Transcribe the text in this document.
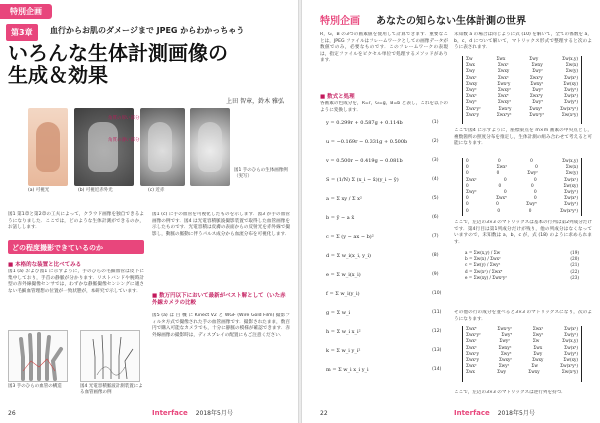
特別企画
第3章	血行からお肌のダメージまで JPEG からわかっちゃう
いろんな生体計測画像の
生成＆効果
上田 智章，鈴木 雅弘
角質の厚い部分
角質の薄い部分
(a) 可視光	(b) 可視近赤外光	(c) 近赤
図1 手のひらの生体画像例（実写）
図1 第1章と第2章の工夫によって，クラウド画像を独自できるようになりました．ここでは，どのような生体計測ができるのか，お話しします．
どの程度撮影できているのか
■ 本格的な装置と比べてみる
図1 (a) および図1 に示すように，手のひらの毛細血管は皮下に集中しており，手首の静脈が分かります．リストバンドや腕時計型の赤外線撮像センサでは，わずかな静脈撮像センシングに適さない毛細血管理想の位置が一致状態が，本研究で示しています．
図3 手のひらの血管の構造	図4 光電容積脈波計測装置による血管画像の例
図1 (c) に手の血管を可視化したものを示します．図3 が手の血管画像の例です．図4 は光電容積脈波撮影装置で取得した血管画像を示したものです．光電容積は皮膚の表面からの反射光を赤外線で撮影し，動脈の脈動に伴うパルス成分から血流分布を可視化します．
■ 数万円以下において最新がベスト解として（いた赤外線カメラの比較
図5 (a) は 目 機 に Kinect V2 と WGF (Wire Gold Film) 撮影フィルタ方式で撮像された手の血管画像です．撮影されたまま，数百円で購入可能なカメラでも，十分に静脈の模様が確認できます．赤外線画像の撮影時は，ディスプレイの配置にもご注意ください．
26	Interface 2018年5月号
特別企画 あなたの知らない生体計測の世界
R，G，B の3つの画素値を使用して計算できます．重要なことは，JPEG ファイルはフレームワークとしての画像データが数値でのみ，必要なものです．このフレームワークの表現は，指定ファイルをピクセル単位で処理するメソッドがあります．
■ 数式と処理
各画素の色成分を，R=r，G=g，B=b と表し，これを以下のように変換します．
y = 0.299r + 0.587g + 0.114b	(1)
u = −0.169r − 0.331g + 0.500b	(2)
v = 0.500r − 0.419g − 0.081b	(3)
S = (1/N) Σ (x_i − x̄)(y_i − ȳ)	(4)
a = Σ xy / Σ x²	(5)
b = ȳ − a x̄	(6)
c = Σ (y − ax − b)²	(7)
d = Σ w_i(x_i, y_i)	(8)
e = Σ w_i(x_i)	(9)
f = Σ w_i(y_i)	(10)
g = Σ w_i	(11)
h = Σ w_i x_i²	(12)
k = Σ w_i y_i²	(13)
m = Σ w_i x_i y_i	(14)
未知数 a の場合は同じように式 (10) を解いて，全ての係数を a，b，c，d について解いて，マトリックス形式で整理すると次のように表されます．
Σw	Σwx	Σwy	Σw(x,y)
Σwx	Σwx²	Σwxy	Σw(x)
Σwy	Σwxy	Σwy²	Σw(y)
Σwx²	Σwx³	Σwx²y	Σw(x²)
Σwxy	Σwx²y	Σwxy²	Σw(xy)
Σwy²	Σwxy²	Σwy³	Σw(y²)
Σwx³	Σwx⁴	Σwx³y	Σw(x³)
Σwy³	Σwxy³	Σwy⁴	Σw(y³)
Σwx²y²	Σwx³y	Σwxy³	Σw(x²y²)
Σwx²y	Σwx³y²	Σwx²y³	Σw(x²y)
ここで図4 に示すように，座標東点を m×m 画素の中央点とし，複数箇所の照度分布を推定し，生体計測の組み合わせて考えると可能になります．
0	0	0	Σw(x,y)
0	Σwx²	0	Σw(x)
0	0	Σwy²	Σw(y)
Σwx²	0	0	Σw(x²)
0	0	0	Σw(xy)
Σwy²	0	0	Σw(y²)
0	Σwx⁴	0	Σw(x³)
0	0	Σwy⁴	Σw(y³)
0	0	0	Σw(x²y²)
ここで，左辺の3×3 のマトリックスは基本の行列は第2列成分だけです．第4行目は第1列成分だけが残り，他の列成分はなくなっていますので，未知数は a，b，c が，式 (18) のように求められます．
a = Σw(x,y) / Σw	(19)
b = Σw(x) / Σwx²	(20)
c = Σw(y) / Σwy²	(21)
d = Σw(x²) / Σwx⁴	(22)
e = Σw(xy) / Σwx²y²	(23)
その他の行の成分を並べると3×3 のマトリックスになり，次のようになります．
Σwx⁴	Σwx²y²	Σwx²	Σw(x²)
Σwx²y²	Σwy⁴	Σwy²	Σw(y²)
Σwx²	Σwy²	Σw	Σw(x,y)
Σwx³	Σwxy²	Σwx	Σw(x³)
Σwx²y	Σwy³	Σwy	Σw(y³)
Σwx²y	Σwxy²	Σwxy	Σw(xy)
Σwx²	Σwy²	Σw	Σw(x²y²)
Σwx	Σwy	Σwxy	Σw(x²y)
ここで，左辺の3×3 のマトリックスは逆行列を持つ．
22	Interface 2018年5月号
